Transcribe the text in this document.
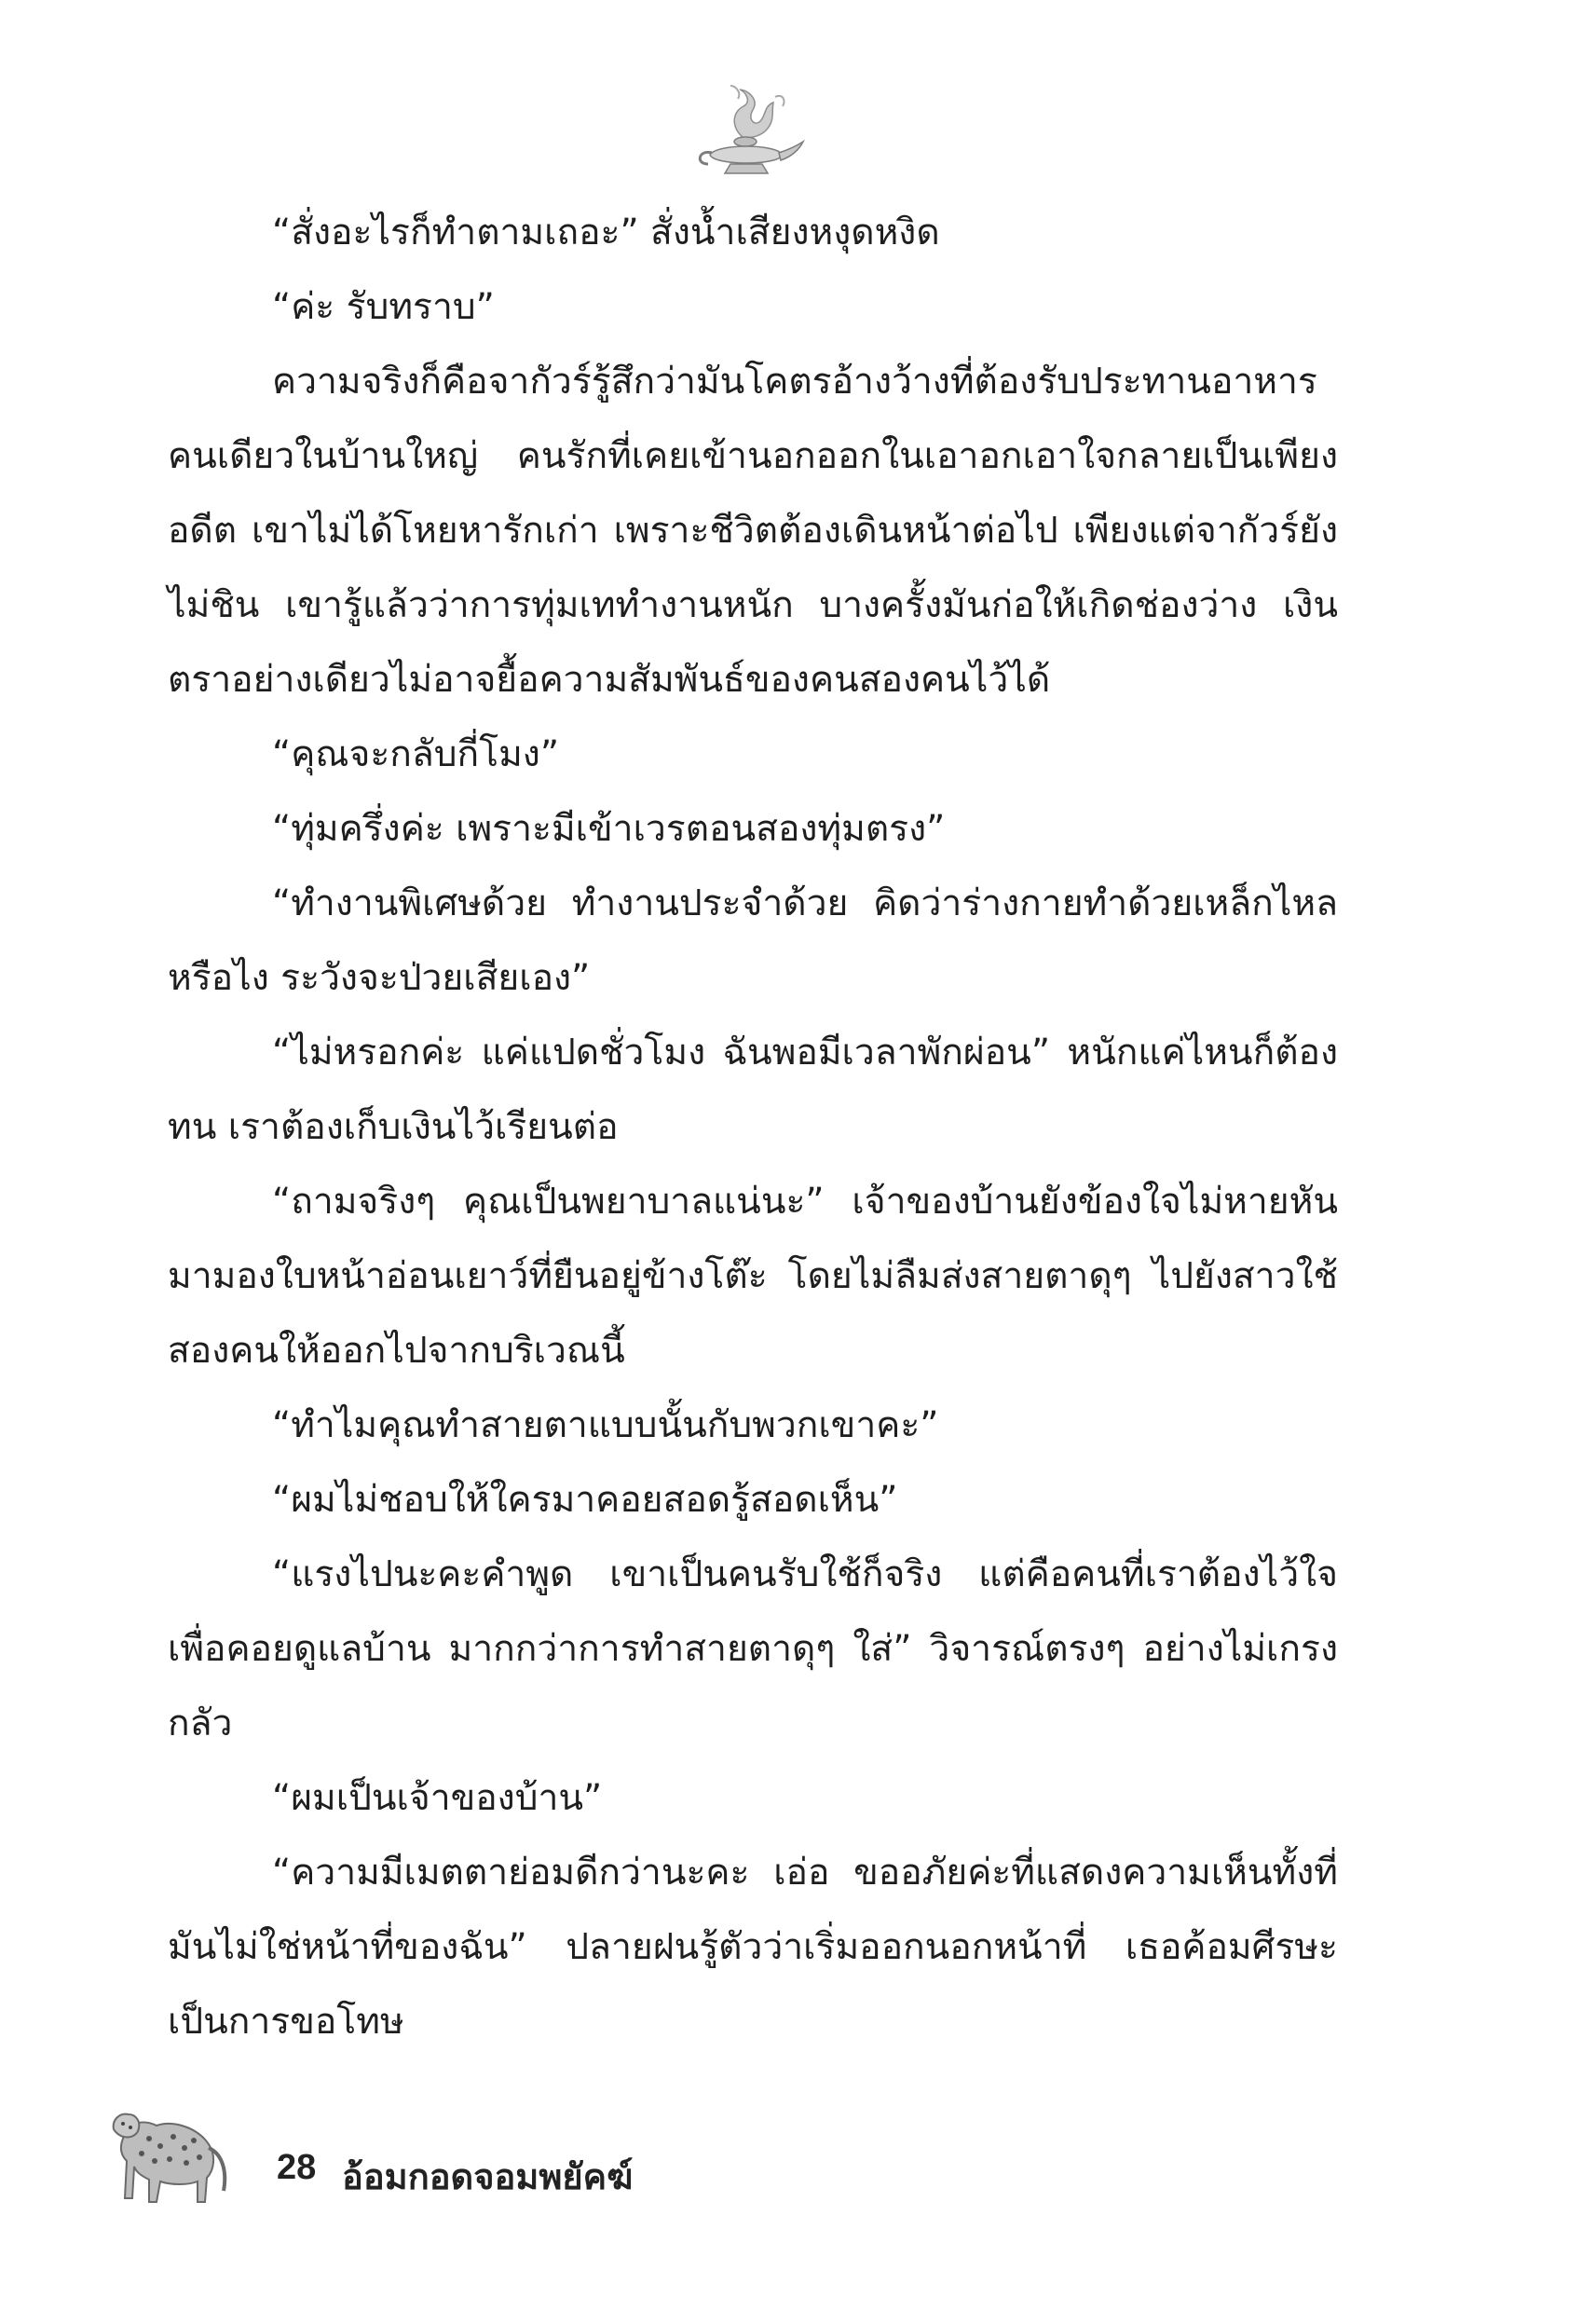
“สั่งอะไรก็ทำตามเถอะ” สั่งน้ำเสียงหงุดหงิด

“ค่ะ รับทราบ”

ความจริงก็คือจากัวร์รู้สึกว่ามันโคตรอ้างว้างที่ต้องรับประทานอาหารคนเดียวในบ้านใหญ่ คนรักที่เคยเข้านอกออกในเอาอกเอาใจกลายเป็นเพียงอดีต เขาไม่ได้โหยหารักเก่า เพราะชีวิตต้องเดินหน้าต่อไป เพียงแต่จากัวร์ยังไม่ชิน เขารู้แล้วว่าการทุ่มเททำงานหนัก บางครั้งมันก่อให้เกิดช่องว่าง เงินตราอย่างเดียวไม่อาจยื้อความสัมพันธ์ของคนสองคนไว้ได้

“คุณจะกลับกี่โมง”

“ทุ่มครึ่งค่ะ เพราะมีเข้าเวรตอนสองทุ่มตรง”

“ทำงานพิเศษด้วย ทำงานประจำด้วย คิดว่าร่างกายทำด้วยเหล็กไหลหรือไง ระวังจะป่วยเสียเอง”

“ไม่หรอกค่ะ แค่แปดชั่วโมง ฉันพอมีเวลาพักผ่อน” หนักแค่ไหนก็ต้องทน เราต้องเก็บเงินไว้เรียนต่อ

“ถามจริงๆ คุณเป็นพยาบาลแน่นะ” เจ้าของบ้านยังข้องใจไม่หายหันมามองใบหน้าอ่อนเยาว์ที่ยืนอยู่ข้างโต๊ะ โดยไม่ลืมส่งสายตาดุๆ ไปยังสาวใช้สองคนให้ออกไปจากบริเวณนี้

“ทำไมคุณทำสายตาแบบนั้นกับพวกเขาคะ”

“ผมไม่ชอบให้ใครมาคอยสอดรู้สอดเห็น”

“แรงไปนะคะคำพูด เขาเป็นคนรับใช้ก็จริง แต่คือคนที่เราต้องไว้ใจเพื่อคอยดูแลบ้าน มากกว่าการทำสายตาดุๆ ใส่” วิจารณ์ตรงๆ อย่างไม่เกรงกลัว

“ผมเป็นเจ้าของบ้าน”

“ความมีเมตตาย่อมดีกว่านะคะ เอ่อ ขออภัยค่ะที่แสดงความเห็นทั้งที่มันไม่ใช่หน้าที่ของฉัน” ปลายฝนรู้ตัวว่าเริ่มออกนอกหน้าที่ เธอค้อมศีรษะเป็นการขอโทษ

28 อ้อมกอดจอมพยัคฆ์
